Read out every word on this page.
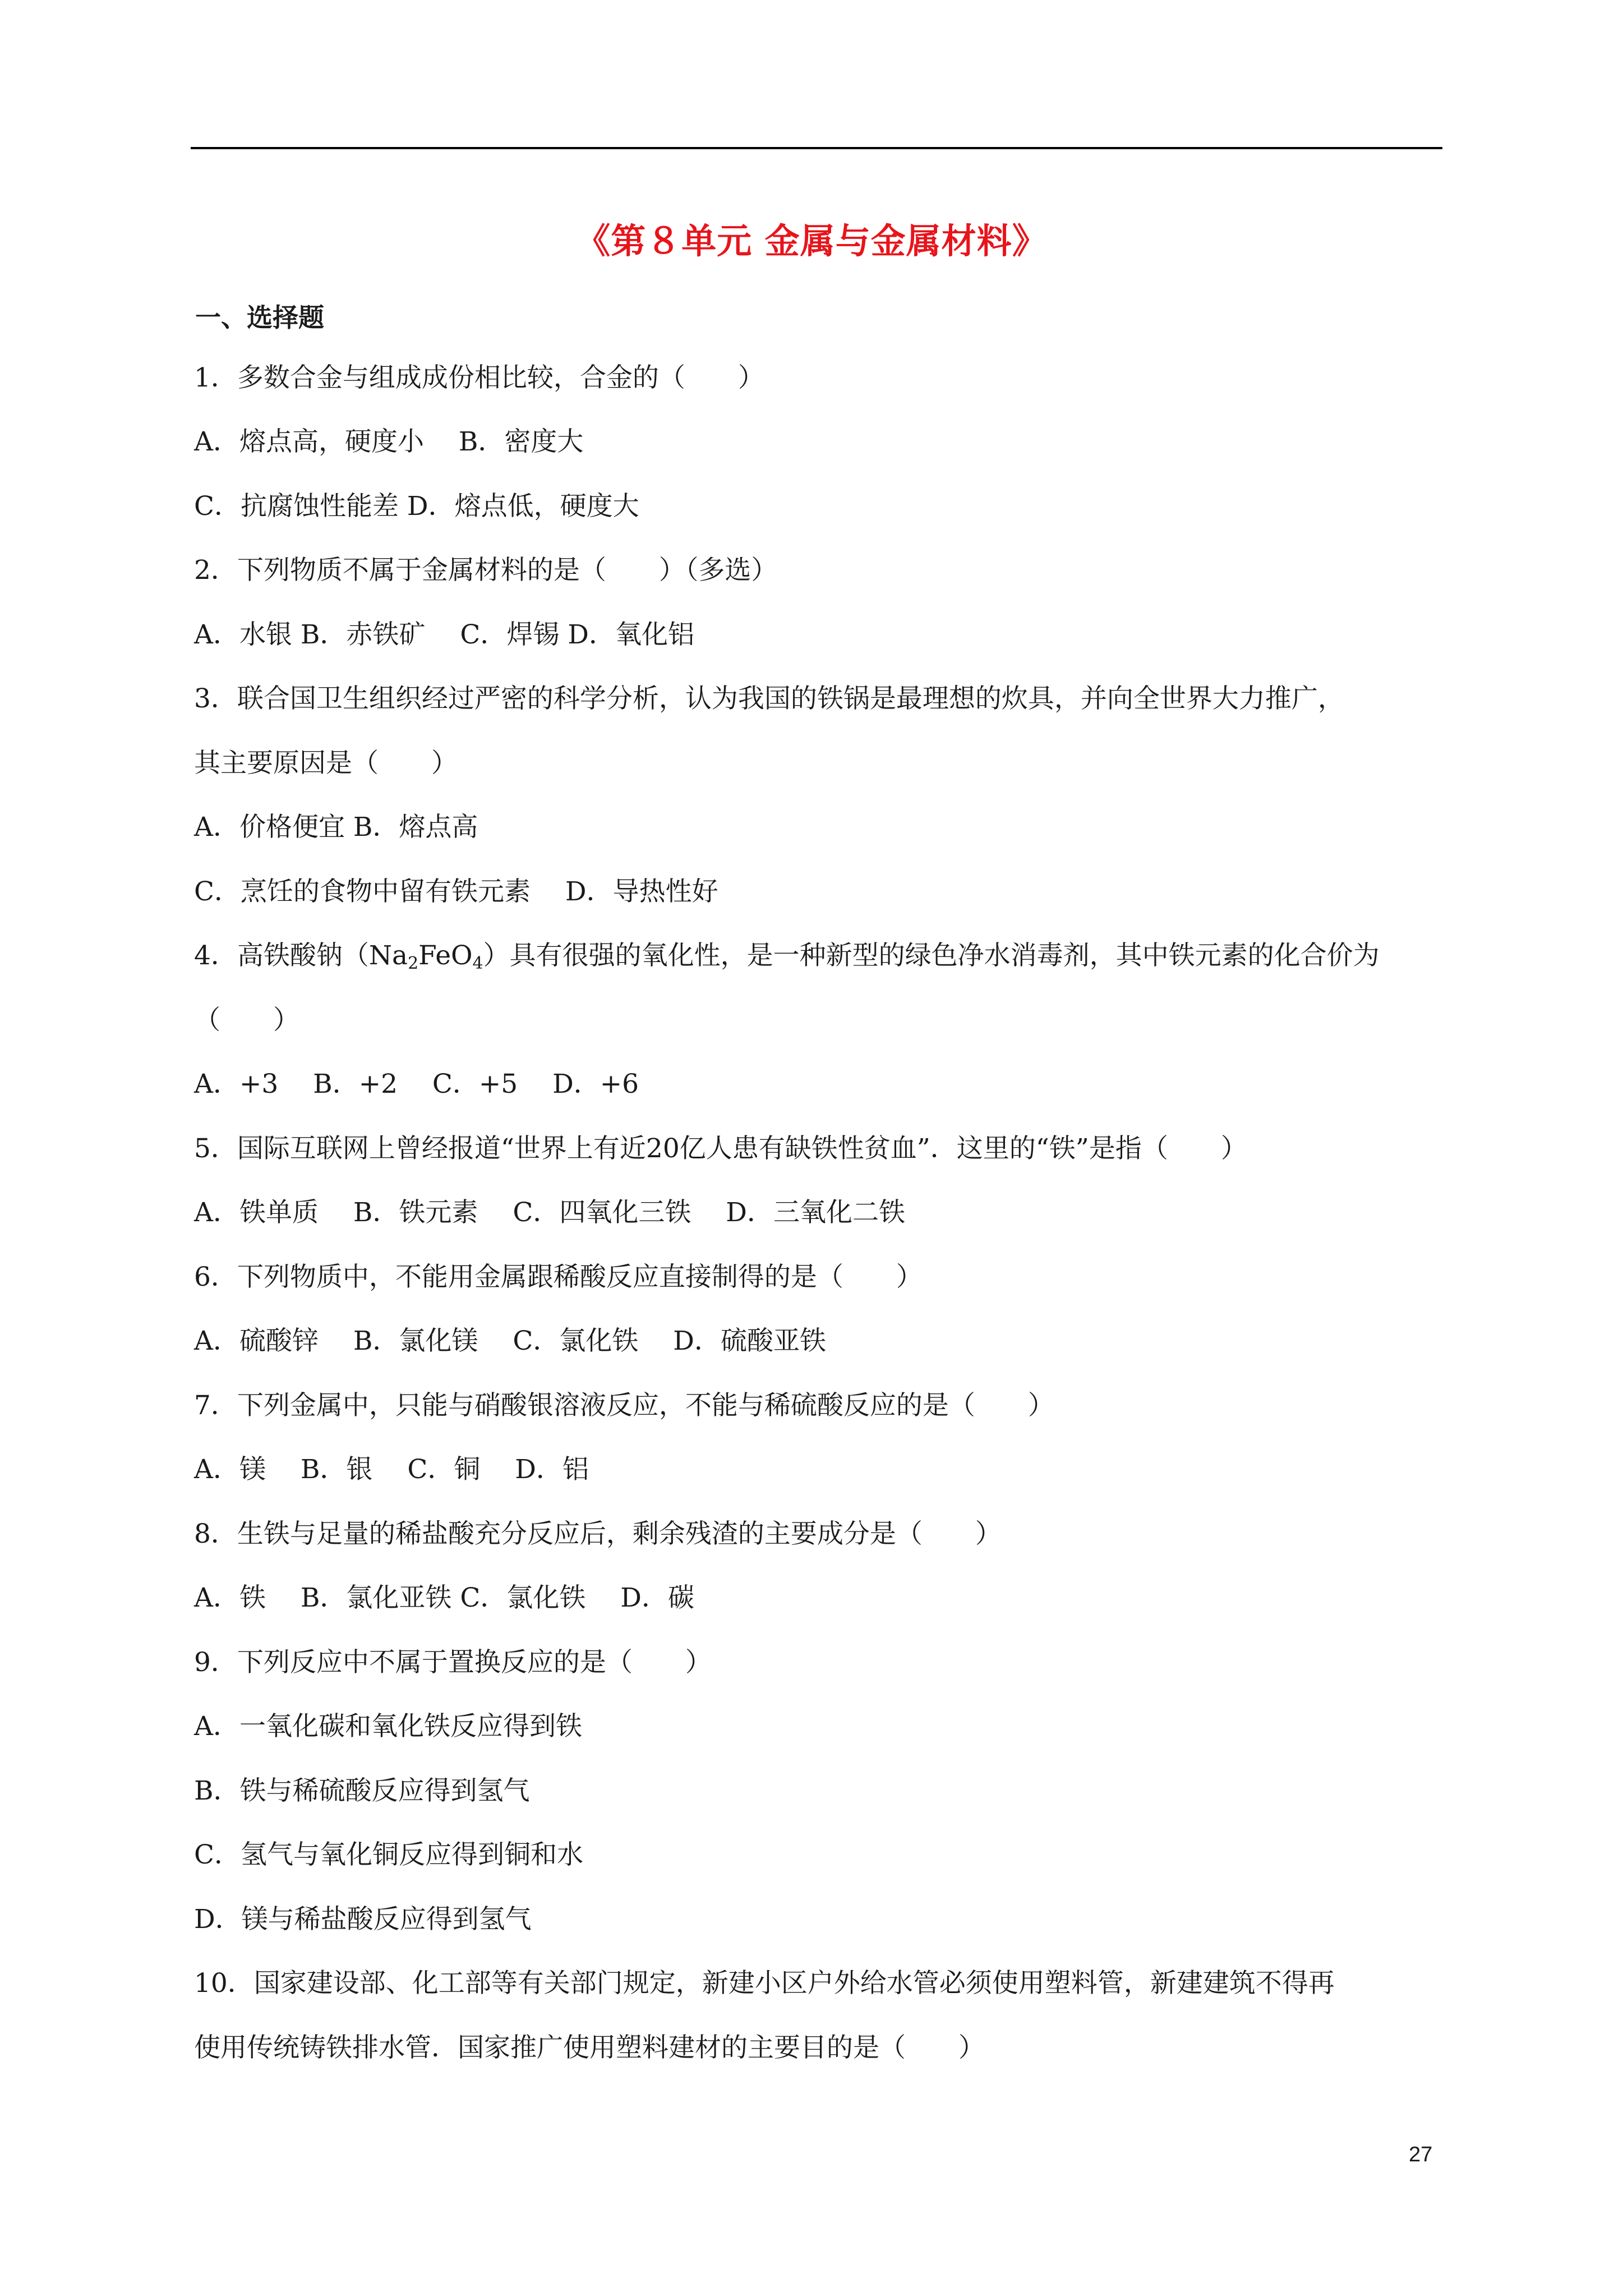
《第８单元 金属与金属材料》
一、选择题
1．多数合金与组成成份相比较，合金的（　　）
A．熔点高，硬度小　 B．密度大
C．抗腐蚀性能差 D．熔点低，硬度大
2．下列物质不属于金属材料的是（　　）（多选）
A．水银 B．赤铁矿　 C．焊锡 D．氧化铝
3．联合国卫生组织经过严密的科学分析，认为我国的铁锅是最理想的炊具，并向全世界大力推广，
其主要原因是（　　）
A．价格便宜 B．熔点高
C．烹饪的食物中留有铁元素　 D．导热性好
4．高铁酸钠$(Na_2FeO_4)$具有很强的氧化性，是一种新型的绿色净水消毒剂，其中铁元素的化合价为
（　　）
A．+3　 B．+2　 C．+5　 D．+6
5．国际互联网上曾经报道“世界上有近20亿人患有缺铁性贫血”．这里的“铁”是指（　　）
A．铁单质　 B．铁元素　 C．四氧化三铁　 D．三氧化二铁
6．下列物质中，不能用金属跟稀酸反应直接制得的是（　　）
A．硫酸锌　 B．氯化镁　 C．氯化铁　 D．硫酸亚铁
7．下列金属中，只能与硝酸银溶液反应，不能与稀硫酸反应的是（　　）
A．镁　 B．银　 C．铜　 D．铝
8．生铁与足量的稀盐酸充分反应后，剩余残渣的主要成分是（　　）
A．铁　 B．氯化亚铁 C．氯化铁　 D．碳
9．下列反应中不属于置换反应的是（　　）
A．一氧化碳和氧化铁反应得到铁
B．铁与稀硫酸反应得到氢气
C．氢气与氧化铜反应得到铜和水
D．镁与稀盐酸反应得到氢气
10．国家建设部、化工部等有关部门规定，新建小区户外给水管必须使用塑料管，新建建筑不得再
使用传统铸铁排水管．国家推广使用塑料建材的主要目的是（　　）
27
